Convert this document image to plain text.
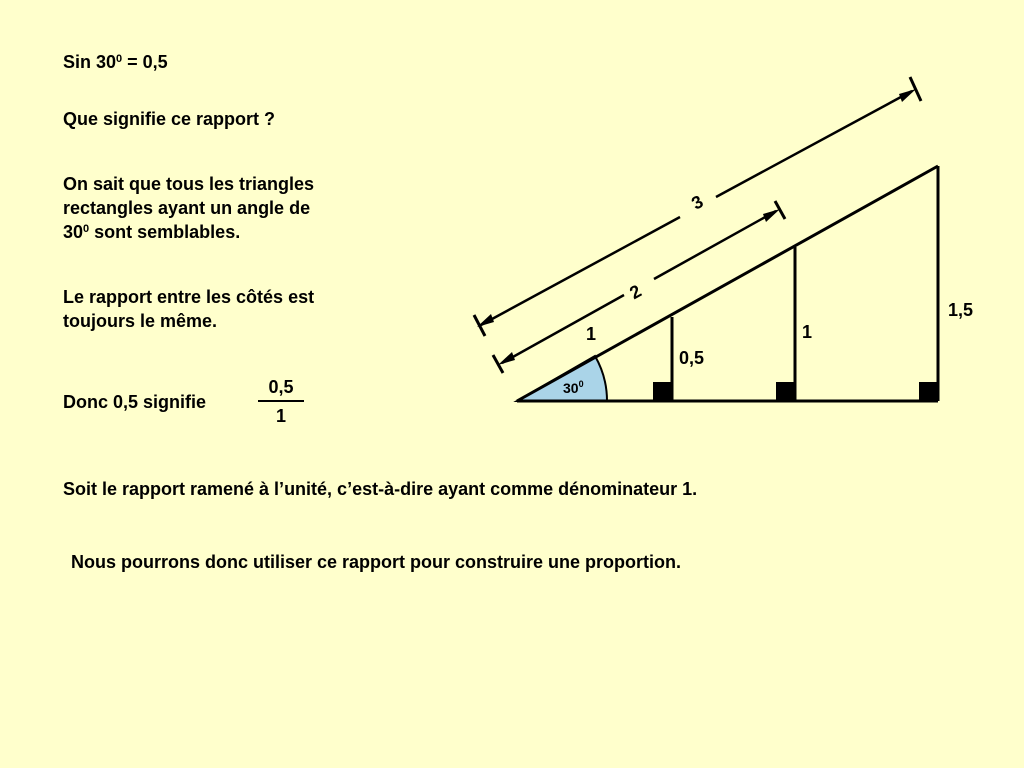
Sin $30^0 = 0,5$
Que signifie ce rapport ?
On sait que tous les triangles
rectangles ayant un angle de
$30^0$ sont semblables.
Le rapport entre les côtés est
toujours le même.
Donc 0,5 signifie
0,5
1
Soit le rapport ramené à l’unité, c’est-à-dire ayant comme dénominateur 1.
Nous pourrons donc utiliser ce rapport pour construire une proportion.
1
2
3
0,5
1
1,5
$30^0$
